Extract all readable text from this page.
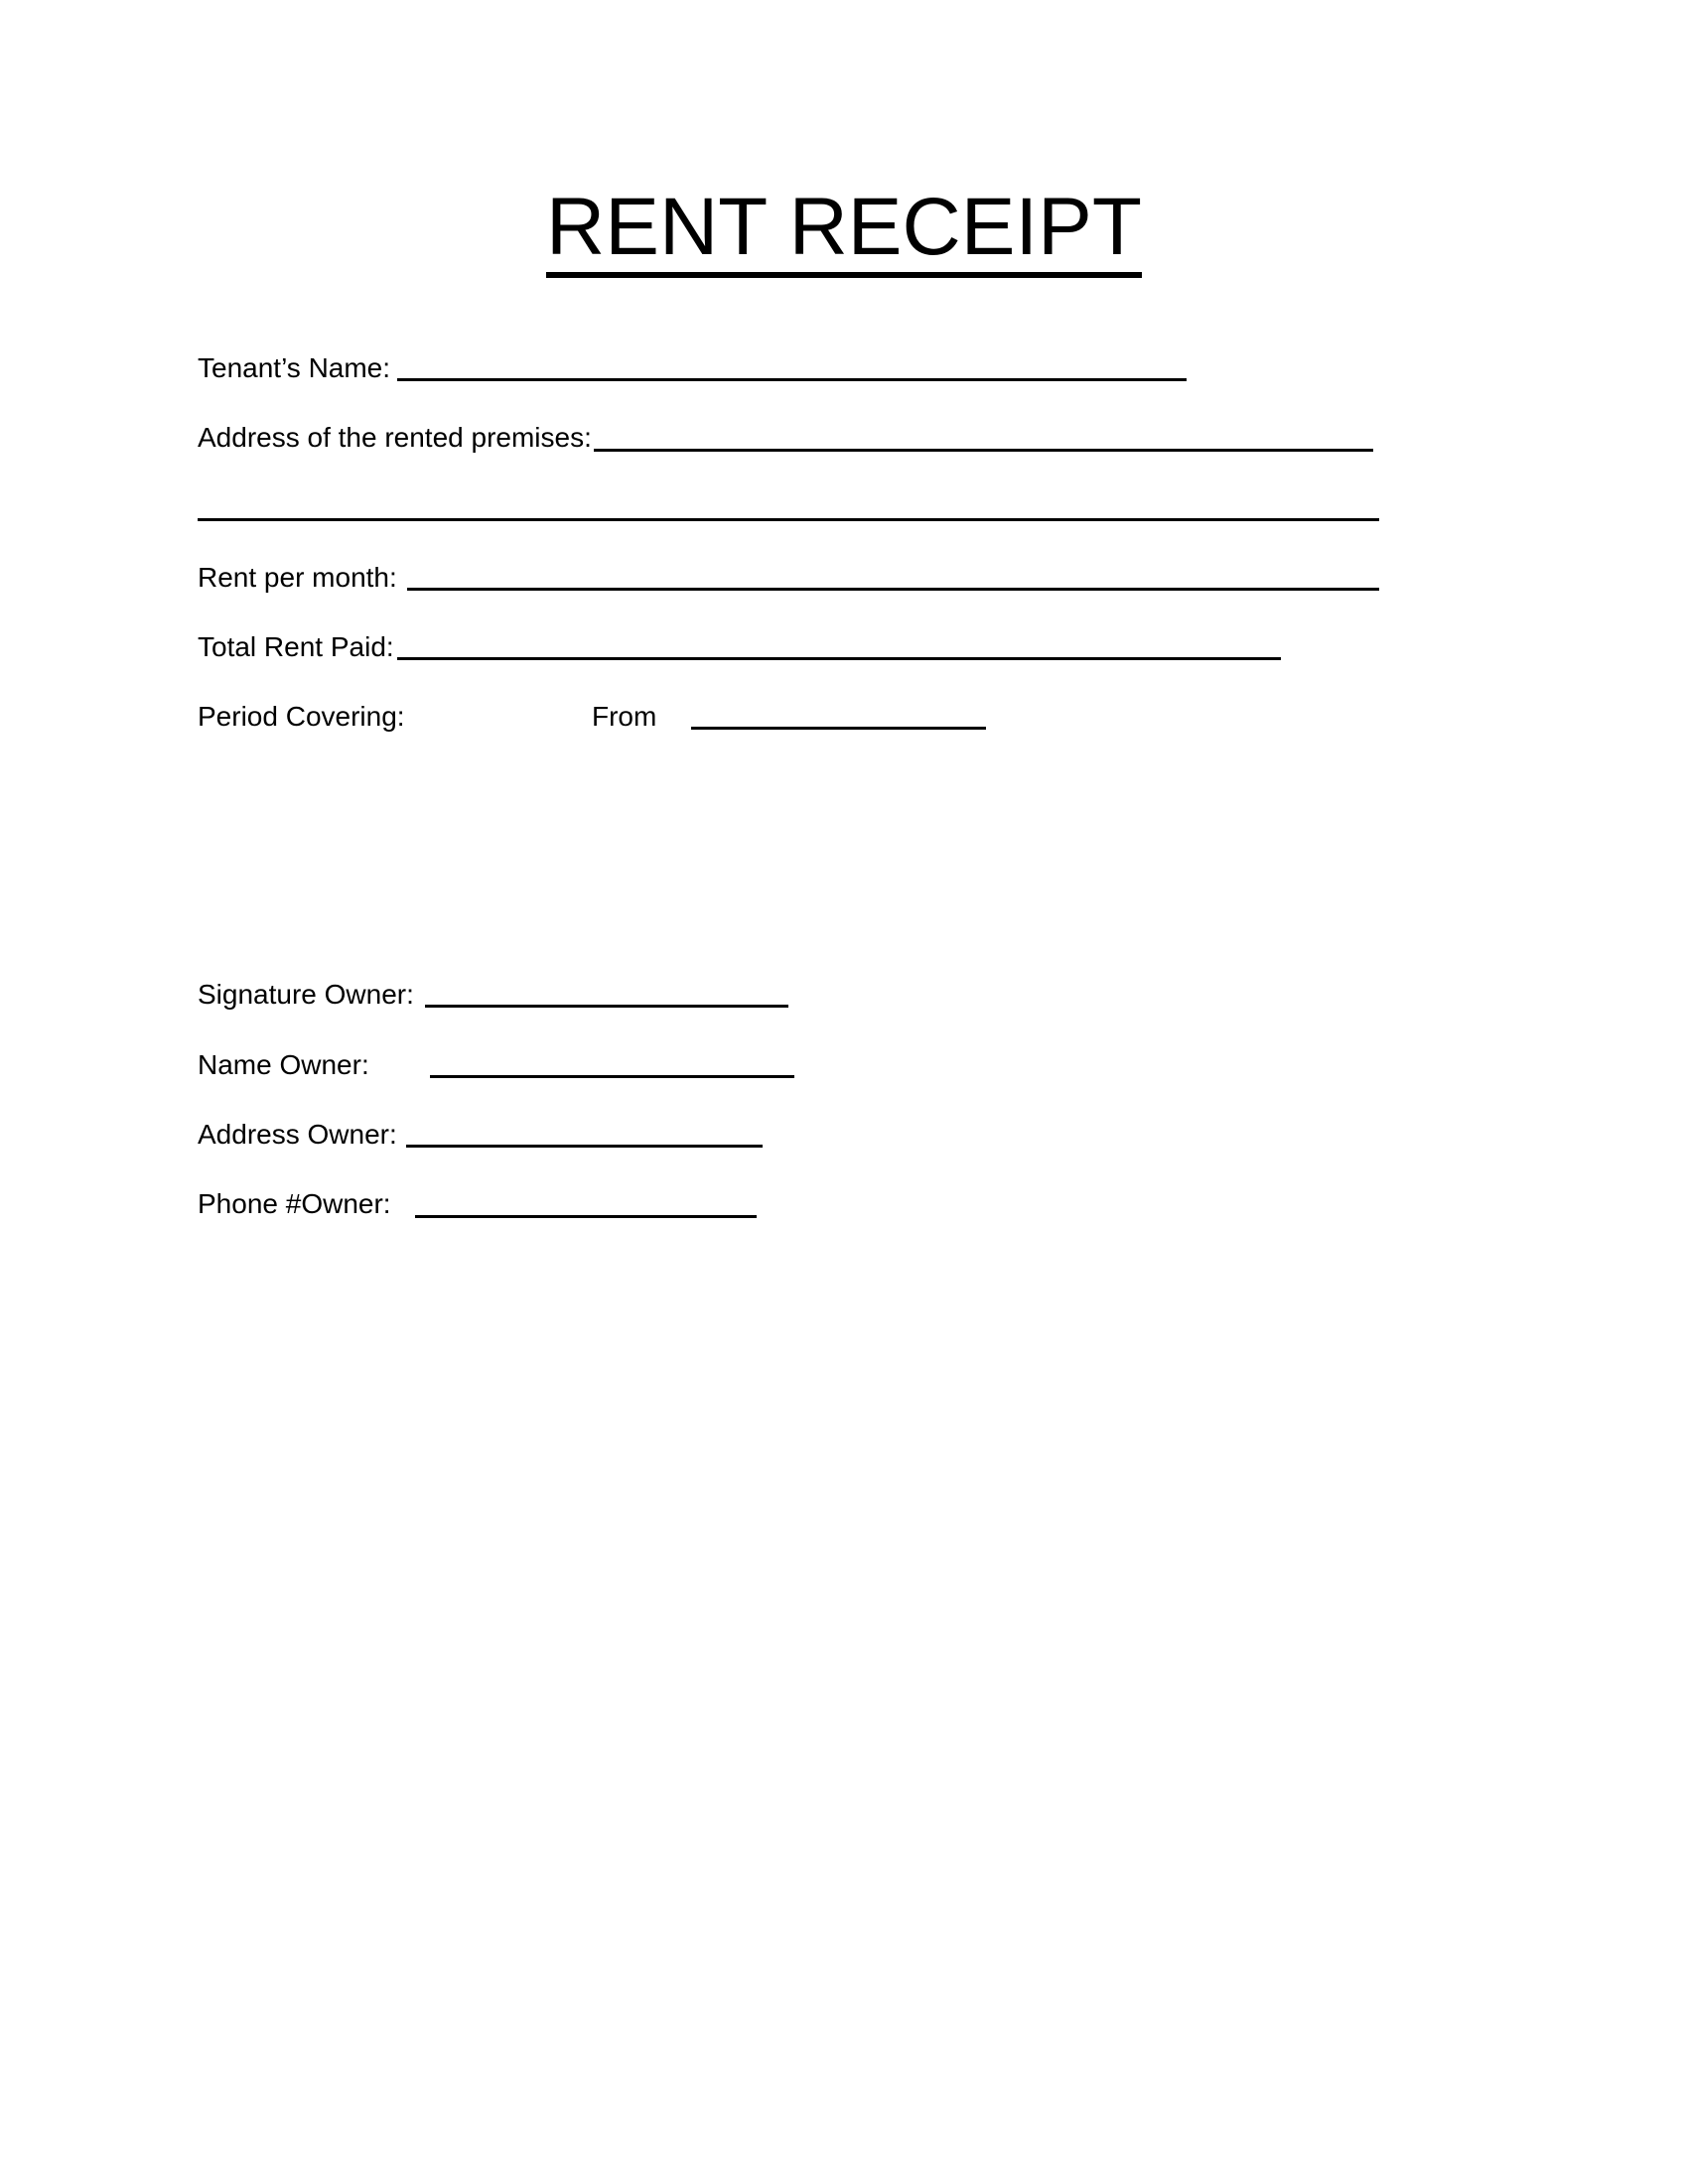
RENT RECEIPT
Tenant’s Name:
Address of the rented premises:
Rent per month:
Total Rent Paid:
Period Covering:	From
Signature Owner:
Name Owner:
Address Owner:
Phone #Owner:
